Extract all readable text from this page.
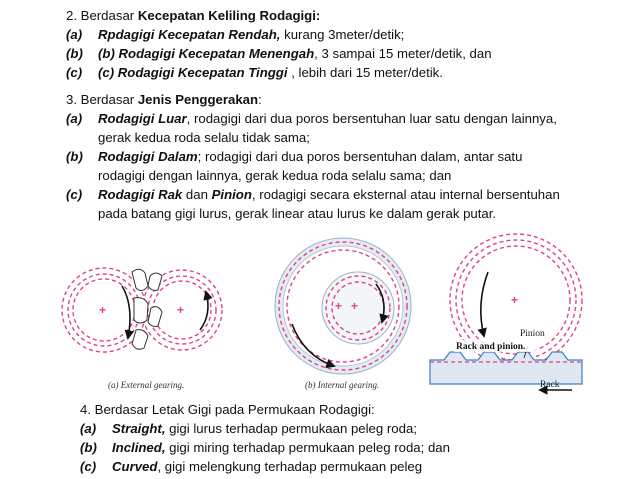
2. Berdasar Kecepatan Keliling Rodagigi:
(a)	Rpdagigi Kecepatan Rendah, kurang 3meter/detik;
(b)	(b) Rodagigi Kecepatan Menengah, 3 sampai 15 meter/detik, dan
(c)	(c) Rodagigi Kecepatan Tinggi , lebih dari 15 meter/detik.
3. Berdasar Jenis Penggerakan:
(a)	Rodagigi Luar, rodagigi dari dua poros bersentuhan luar satu dengan lainnya,
gerak kedua roda selalu tidak sama;
(b)	Rodagigi Dalam; rodagigi dari dua poros bersentuhan dalam, antar satu
rodagigi dengan lainnya, gerak kedua roda selalu sama; dan
(c)	Rodagigi Rak dan Pinion, rodagigi secara eksternal atau internal bersentuhan
pada batang gigi lurus, gerak linear atau lurus ke dalam gerak putar.
+	+	+ +	+
Pinion
Rack and pinion.
Rack
(a) External gearing.	(b) Internal gearing.
4. Berdasar Letak Gigi pada Permukaan Rodagigi:
(a)	Straight, gigi lurus terhadap permukaan peleg roda;
(b)	Inclined, gigi miring terhadap permukaan peleg roda; dan
(c)	Curved, gigi melengkung terhadap permukaan peleg
